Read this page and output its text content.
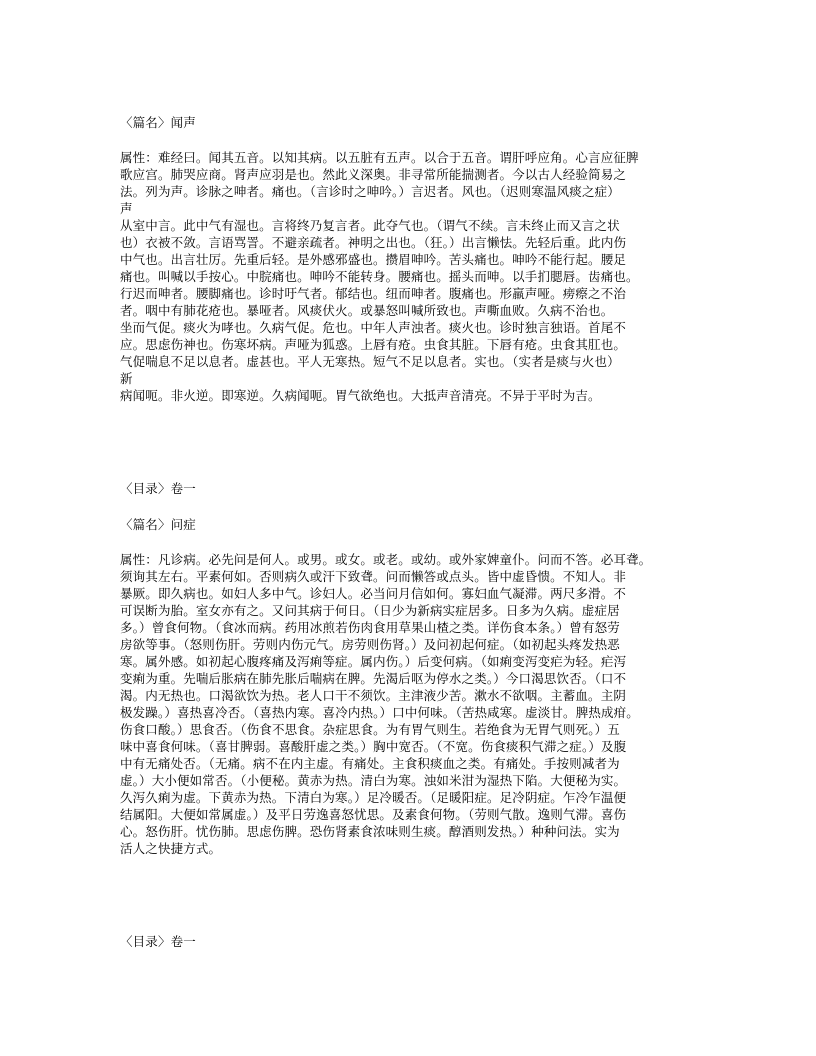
〈篇名〉闻声
属性：难经曰。闻其五音。以知其病。以五脏有五声。以合于五音。谓肝呼应角。心言应征脾
歌应宫。肺哭应商。肾声应羽是也。然此义深奥。非寻常所能揣测者。今以古人经验简易之
法。列为声。诊脉之呻者。痛也。（言诊时之呻吟。）言迟者。风也。（迟则寒温风痰之症）
声
从室中言。此中气有湿也。言将终乃复言者。此夺气也。（谓气不续。言未终止而又言之状
也）衣被不敛。言语骂詈。不避亲疏者。神明之出也。（狂。）出言懒怯。先轻后重。此内伤
中气也。出言壮厉。先重后轻。是外感邪盛也。攒眉呻吟。苦头痛也。呻吟不能行起。腰足
痛也。叫喊以手按心。中脘痛也。呻吟不能转身。腰痛也。摇头而呻。以手扪腮唇。齿痛也。
行迟而呻者。腰脚痛也。诊时吁气者。郁结也。纽而呻者。腹痛也。形羸声哑。痨瘵之不治
者。咽中有肺花疮也。暴哑者。风痰伏火。或暴怒叫喊所致也。声嘶血败。久病不治也。
坐而气促。痰火为哮也。久病气促。危也。中年人声浊者。痰火也。诊时独言独语。首尾不
应。思虑伤神也。伤寒坏病。声哑为狐惑。上唇有疮。虫食其脏。下唇有疮。虫食其肛也。
气促喘息不足以息者。虚甚也。平人无寒热。短气不足以息者。实也。（实者是痰与火也）
新
病闻呃。非火逆。即寒逆。久病闻呃。胃气欲绝也。大抵声音清亮。不异于平时为吉。
〈目录〉卷一
〈篇名〉问症
属性：凡诊病。必先问是何人。或男。或女。或老。或幼。或外家婢童仆。问而不答。必耳聋。
须询其左右。平素何如。否则病久或汗下致聋。问而懒答或点头。皆中虚昏愦。不知人。非
暴厥。即久病也。如妇人多中气。诊妇人。必当问月信如何。寡妇血气凝滞。两尺多滑。不
可误断为胎。室女亦有之。又问其病于何日。（日少为新病实症居多。日多为久病。虚症居
多。）曾食何物。（食冰而病。药用冰煎若伤肉食用草果山楂之类。详伤食本条。）曾有怒劳
房欲等事。（怒则伤肝。劳则内伤元气。房劳则伤肾。）及问初起何症。（如初起头疼发热恶
寒。属外感。如初起心腹疼痛及泻痢等症。属内伤。）后变何病。（如痢变泻变疟为轻。疟泻
变痢为重。先喘后胀病在肺先胀后喘病在脾。先渴后呕为停水之类。）今口渴思饮否。（口不
渴。内无热也。口渴欲饮为热。老人口干不须饮。主津液少苦。漱水不欲咽。主蓄血。主阴
极发躁。）喜热喜冷否。（喜热内寒。喜冷内热。）口中何味。（苦热咸寒。虚淡甘。脾热成疳。
伤食口酸。）思食否。（伤食不思食。杂症思食。为有胃气则生。若绝食为无胃气则死。）五
味中喜食何味。（喜甘脾弱。喜酸肝虚之类。）胸中宽否。（不宽。伤食痰积气滞之症。）及腹
中有无痛处否。（无痛。病不在内主虚。有痛处。主食积痰血之类。有痛处。手按则减者为
虚。）大小便如常否。（小便秘。黄赤为热。清白为寒。浊如米泔为湿热下陷。大便秘为实。
久泻久痢为虚。下黄赤为热。下清白为寒。）足冷暖否。（足暖阳症。足冷阴症。乍冷乍温便
结属阳。大便如常属虚。）及平日劳逸喜怒忧思。及素食何物。（劳则气散。逸则气滞。喜伤
心。怒伤肝。忧伤肺。思虑伤脾。恐伤肾素食浓味则生痰。醇酒则发热。）种种问法。实为
活人之快捷方式。
〈目录〉卷一
